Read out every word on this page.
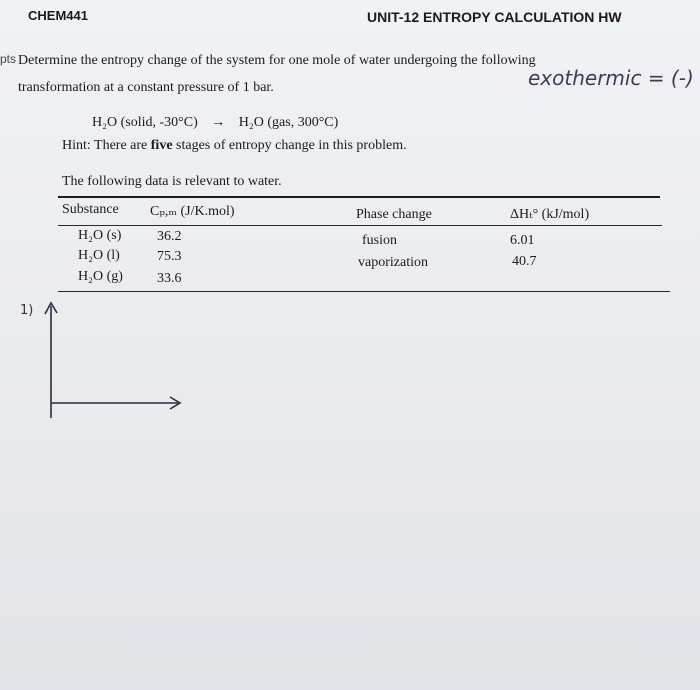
CHEM441	UNIT-12 ENTROPY CALCULATION HW
pts Determine the entropy change of the system for one mole of water undergoing the following
transformation at a constant pressure of 1 bar.	exothermic = (-)
H₂O (solid, -30°C) → H₂O (gas, 300°C)
Hint: There are five stages of entropy change in this problem.
The following data is relevant to water.
Substance Cₚ,ₘ (J/K.mol)	Phase change	ΔHₜ° (kJ/mol)
H₂O (s)	36.2	fusion	6.01
H₂O (l)	75.3	vaporization	40.7
H₂O (g) 33.6
1)
